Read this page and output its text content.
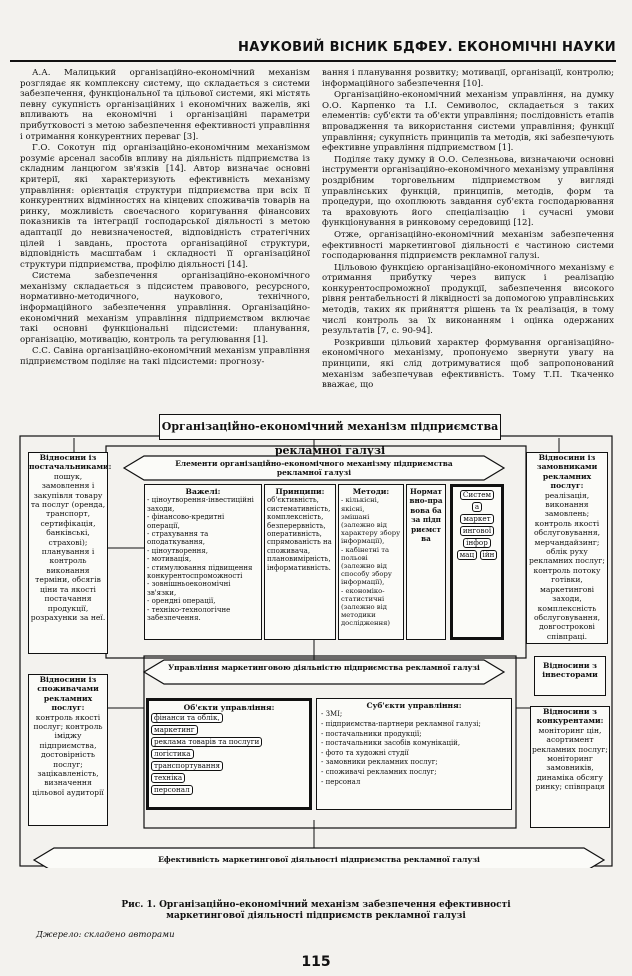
НАУКОВИЙ ВІСНИК БДФЕУ. ЕКОНОМІЧНІ НАУКИ

А.А. Малицький організаційно-економічний механізм розглядає як комплексну систему, що складається з системи забезпечення, функціональної та цільової системи, які містять певну сукупність організаційних і економічних важелів, які впливають на економічні і організаційні параметри прибутковості з метою забезпечення ефективності управління і отримання конкурентних переваг [3].

Г.О. Сокотун під організаційно-економічним механізмом розуміє арсенал засобів впливу на діяльність підприємства із складним ланцюгом зв'язків [14]. Автор визначає основні критерії, які характеризують ефективність механізму управління: орієнтація структури підприємства при всіх її конкурентних відмінностях на кінцевих споживачів товарів на ринку, можливість своєчасного коригування фінансових показників та інтеграції господарської діяльності з метою адаптації до невизначеностей, відповідність стратегічних цілей і завдань, простота організаційної структури, відповідність масштабам і складності її організаційної структури підприємства, профілю діяльності [14].

Система забезпечення організаційно-економічного механізму складається з підсистем правового, ресурсного, нормативно-методичного, наукового, технічного, інформаційного забезпечення управління. Організаційно-економічний механізм управління підприємством включає такі основні функціональні підсистеми: планування, організацію, мотивацію, контроль та регулювання [1].

С.С. Савіна організаційно-економічний механізм управління підприємством поділяє на такі підсистеми: прогнозу-

вання і планування розвитку; мотивації, організації, контролю; інформаційного забезпечення [10].

Організаційно-економічний механізм управління, на думку О.О. Карпенко та І.І. Семиволос, складається з таких елементів: суб'єкти та об'єкти управління; послідовність етапів впровадження та використання системи управління; функції управління; сукупність принципів та методів, які забезпечують ефективне управління підприємством [1].

Поділяє таку думку й О.О. Селезньова, визначаючи основні інструменти організаційно-економічного механізму управління роздрібним торговельним підприємством у вигляді управлінських функцій, принципів, методів, форм та процедури, що охоплюють завдання суб'єкта господарювання та враховують його спеціалізацію і сучасні умови функціонування в ринковому середовищі [12].

Отже, організаційно-економічний механізм забезпечення ефективності маркетингової діяльності є частиною системи господарювання підприємств рекламної галузі.

Цільовою функцією організаційно-економічного механізму є отримання прибутку через випуск і реалізацію конкурентоспроможної продукції, забезпечення високого рівня рентабельності й ліквідності за допомогою управлінських методів, таких як прийняття рішень та їх реалізація, в тому числі контроль за їх виконанням і оцінка одержаних результатів [7, с. 90-94].

Розкривши цільовий характер формування організаційно-економічного механізму, пропонуємо звернути увагу на принципи, які слід дотримуватися щоб запропонований механізм забезпечував ефективність. Тому Т.П. Ткаченко вважає, що

Організаційно-економічний механізм підприємства рекламної галузі
Елементи організаційно-економічного механізму підприємства рекламної галузі
Відносини із постачальниками:
пошук, замовлення і закупівля товару та послуг (оренда, транспорт, сертифікація, банківські, страхові); планування і контроль виконання терміни, обсягів ціни та якості постачання продукції, розрахунки за неї.
Важелі:
- ціноутворення-інвестиційні заходи,
- фінансово-кредитні операції,
- страхування та оподаткування,
- ціноутворення,
- мотивація,
- стимулювання підвищення конкурентоспроможності
- зовнішньоекономічні зв'язки,
- орендні операції,
- техніко-технологічне забезпечення.
Принципи:
об'єктивність,
системативність,
комплексність,
безперервність,
оперативність,
спрямованість на споживача,
плановимірність,
інформативність.
Методи:
- кількісні, якісні,
змішані (залежно від характеру збору інформації),
- кабінетні та польові (залежно від способу збору інформації),
- економіко-статистичні (залежно від методики дослідження)
Норматвно-правова база підприємства
Систем а маркет ингової інфор мац ійн
Відносини із замовниками рекламних послуг:
реалізація, виконання замовлень; контроль якості обслуговування, мерчандайзинг; облік руху рекламних послуг; контроль потоку готівки, маркетингові заходи, комплексність обслуговування, довгострокові співпраці.
Управління маркетинговою діяльністю підприємства рекламної галузі	Відносини з інвесторами
Відносини із споживачами рекламних послуг:
контроль якості послуг; контроль іміджу підприємства, достовірність послуг; зацікавленість, визначення цільової аудиторії
Об'єкти управління:
фінанси та облік,
маркетинг
реклама товарів та послуги
логістика
транспортування
техніка
персонал
Суб'єкти управління:
- ЗМІ;
- підприємства-партнери рекламної галузі;
- постачальники продукції;
- постачальники засобів комунікацій,
- фото та художні студії
- замовники рекламних послуг;
- споживачі рекламних послуг;
- персонал
Відносини з конкурентами:
моніторинг цін, асортимент рекламних послуг; моніторинг замовників, динаміка обсягу ринку; співпраця
Ефективність маркетингової діяльності підприємства рекламної галузі
Рис. 1. Організаційно-економічний механізм забезпечення ефективності
маркетингової діяльності підприємств рекламної галузі
Джерело: складено авторами
115
